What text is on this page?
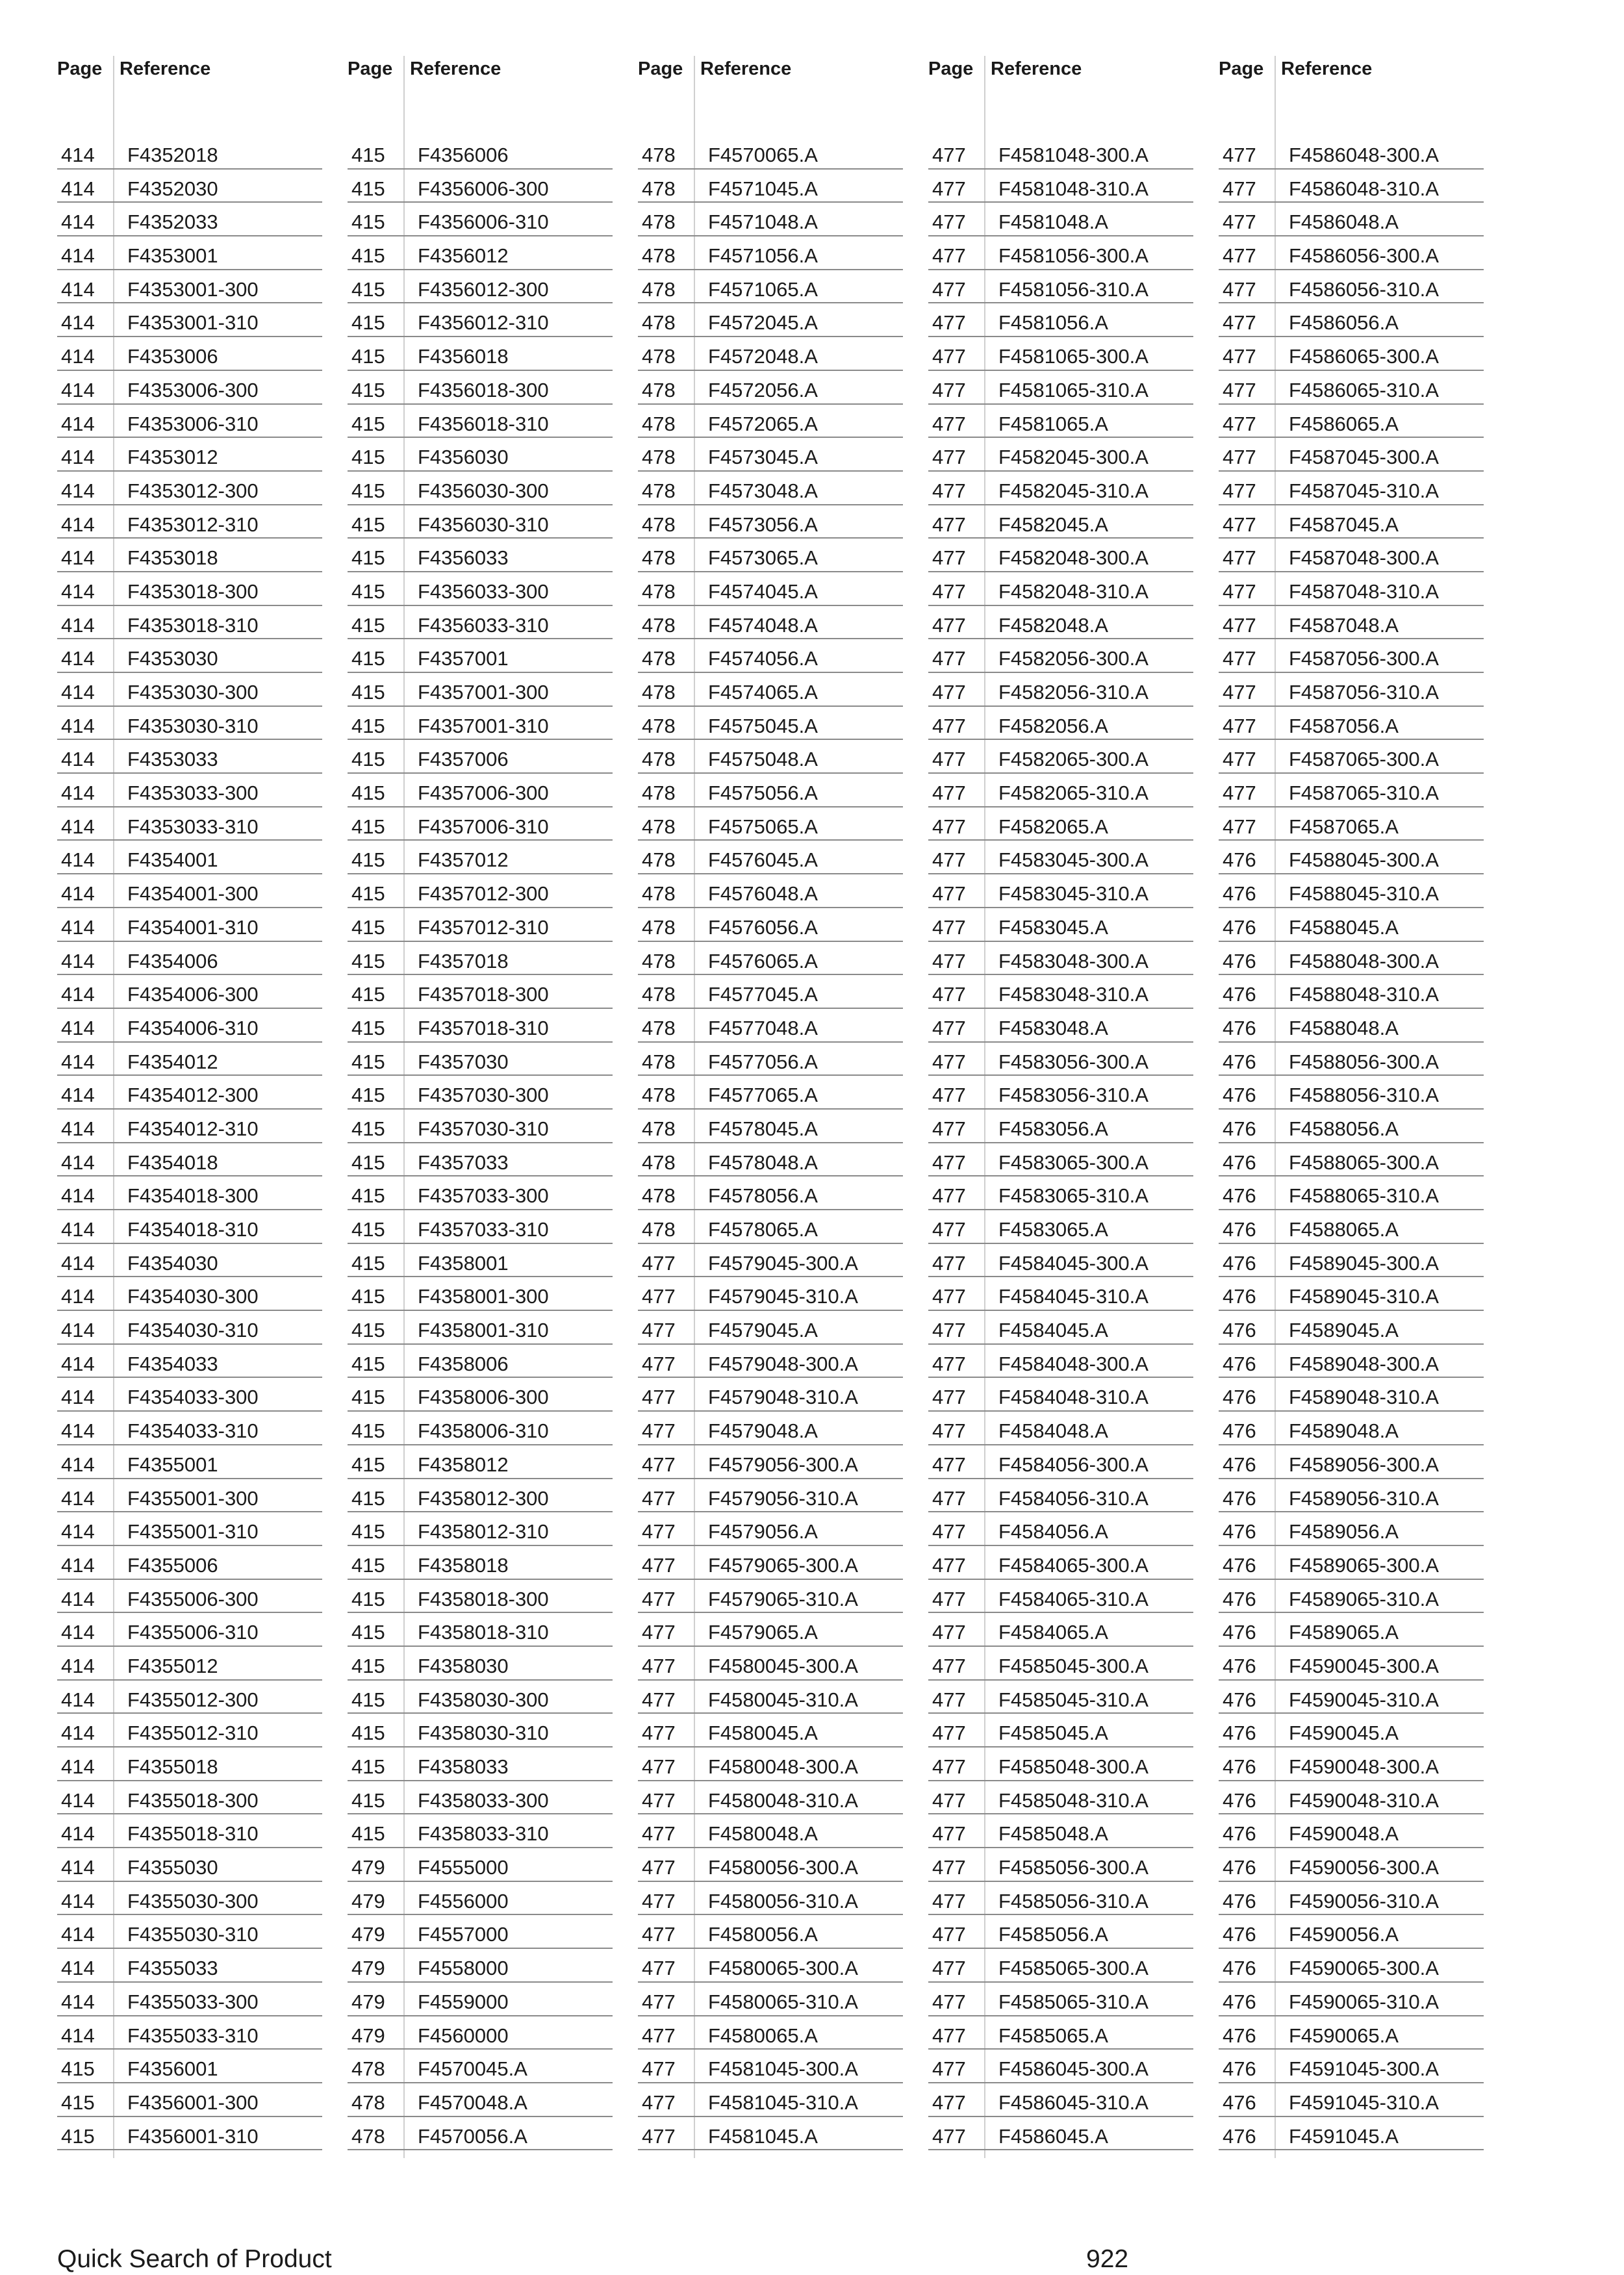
Page Reference
414 F4352018
414 F4352030
414 F4352033
414 F4353001
414 F4353001-300
414 F4353001-310
414 F4353006
414 F4353006-300
414 F4353006-310
414 F4353012
414 F4353012-300
414 F4353012-310
414 F4353018
414 F4353018-300
414 F4353018-310
414 F4353030
414 F4353030-300
414 F4353030-310
414 F4353033
414 F4353033-300
414 F4353033-310
414 F4354001
414 F4354001-300
414 F4354001-310
414 F4354006
414 F4354006-300
414 F4354006-310
414 F4354012
414 F4354012-300
414 F4354012-310
414 F4354018
414 F4354018-300
414 F4354018-310
414 F4354030
414 F4354030-300
414 F4354030-310
414 F4354033
414 F4354033-300
414 F4354033-310
414 F4355001
414 F4355001-300
414 F4355001-310
414 F4355006
414 F4355006-300
414 F4355006-310
414 F4355012
414 F4355012-300
414 F4355012-310
414 F4355018
414 F4355018-300
414 F4355018-310
414 F4355030
414 F4355030-300
414 F4355030-310
414 F4355033
414 F4355033-300
414 F4355033-310
415 F4356001
415 F4356001-300
415 F4356001-310
Page Reference
415 F4356006
415 F4356006-300
415 F4356006-310
415 F4356012
415 F4356012-300
415 F4356012-310
415 F4356018
415 F4356018-300
415 F4356018-310
415 F4356030
415 F4356030-300
415 F4356030-310
415 F4356033
415 F4356033-300
415 F4356033-310
415 F4357001
415 F4357001-300
415 F4357001-310
415 F4357006
415 F4357006-300
415 F4357006-310
415 F4357012
415 F4357012-300
415 F4357012-310
415 F4357018
415 F4357018-300
415 F4357018-310
415 F4357030
415 F4357030-300
415 F4357030-310
415 F4357033
415 F4357033-300
415 F4357033-310
415 F4358001
415 F4358001-300
415 F4358001-310
415 F4358006
415 F4358006-300
415 F4358006-310
415 F4358012
415 F4358012-300
415 F4358012-310
415 F4358018
415 F4358018-300
415 F4358018-310
415 F4358030
415 F4358030-300
415 F4358030-310
415 F4358033
415 F4358033-300
415 F4358033-310
479 F4555000
479 F4556000
479 F4557000
479 F4558000
479 F4559000
479 F4560000
478 F4570045.A
478 F4570048.A
478 F4570056.A
Page Reference
478 F4570065.A
478 F4571045.A
478 F4571048.A
478 F4571056.A
478 F4571065.A
478 F4572045.A
478 F4572048.A
478 F4572056.A
478 F4572065.A
478 F4573045.A
478 F4573048.A
478 F4573056.A
478 F4573065.A
478 F4574045.A
478 F4574048.A
478 F4574056.A
478 F4574065.A
478 F4575045.A
478 F4575048.A
478 F4575056.A
478 F4575065.A
478 F4576045.A
478 F4576048.A
478 F4576056.A
478 F4576065.A
478 F4577045.A
478 F4577048.A
478 F4577056.A
478 F4577065.A
478 F4578045.A
478 F4578048.A
478 F4578056.A
478 F4578065.A
477 F4579045-300.A
477 F4579045-310.A
477 F4579045.A
477 F4579048-300.A
477 F4579048-310.A
477 F4579048.A
477 F4579056-300.A
477 F4579056-310.A
477 F4579056.A
477 F4579065-300.A
477 F4579065-310.A
477 F4579065.A
477 F4580045-300.A
477 F4580045-310.A
477 F4580045.A
477 F4580048-300.A
477 F4580048-310.A
477 F4580048.A
477 F4580056-300.A
477 F4580056-310.A
477 F4580056.A
477 F4580065-300.A
477 F4580065-310.A
477 F4580065.A
477 F4581045-300.A
477 F4581045-310.A
477 F4581045.A
Page Reference
477 F4581048-300.A
477 F4581048-310.A
477 F4581048.A
477 F4581056-300.A
477 F4581056-310.A
477 F4581056.A
477 F4581065-300.A
477 F4581065-310.A
477 F4581065.A
477 F4582045-300.A
477 F4582045-310.A
477 F4582045.A
477 F4582048-300.A
477 F4582048-310.A
477 F4582048.A
477 F4582056-300.A
477 F4582056-310.A
477 F4582056.A
477 F4582065-300.A
477 F4582065-310.A
477 F4582065.A
477 F4583045-300.A
477 F4583045-310.A
477 F4583045.A
477 F4583048-300.A
477 F4583048-310.A
477 F4583048.A
477 F4583056-300.A
477 F4583056-310.A
477 F4583056.A
477 F4583065-300.A
477 F4583065-310.A
477 F4583065.A
477 F4584045-300.A
477 F4584045-310.A
477 F4584045.A
477 F4584048-300.A
477 F4584048-310.A
477 F4584048.A
477 F4584056-300.A
477 F4584056-310.A
477 F4584056.A
477 F4584065-300.A
477 F4584065-310.A
477 F4584065.A
477 F4585045-300.A
477 F4585045-310.A
477 F4585045.A
477 F4585048-300.A
477 F4585048-310.A
477 F4585048.A
477 F4585056-300.A
477 F4585056-310.A
477 F4585056.A
477 F4585065-300.A
477 F4585065-310.A
477 F4585065.A
477 F4586045-300.A
477 F4586045-310.A
477 F4586045.A
Page Reference
477 F4586048-300.A
477 F4586048-310.A
477 F4586048.A
477 F4586056-300.A
477 F4586056-310.A
477 F4586056.A
477 F4586065-300.A
477 F4586065-310.A
477 F4586065.A
477 F4587045-300.A
477 F4587045-310.A
477 F4587045.A
477 F4587048-300.A
477 F4587048-310.A
477 F4587048.A
477 F4587056-300.A
477 F4587056-310.A
477 F4587056.A
477 F4587065-300.A
477 F4587065-310.A
477 F4587065.A
476 F4588045-300.A
476 F4588045-310.A
476 F4588045.A
476 F4588048-300.A
476 F4588048-310.A
476 F4588048.A
476 F4588056-300.A
476 F4588056-310.A
476 F4588056.A
476 F4588065-300.A
476 F4588065-310.A
476 F4588065.A
476 F4589045-300.A
476 F4589045-310.A
476 F4589045.A
476 F4589048-300.A
476 F4589048-310.A
476 F4589048.A
476 F4589056-300.A
476 F4589056-310.A
476 F4589056.A
476 F4589065-300.A
476 F4589065-310.A
476 F4589065.A
476 F4590045-300.A
476 F4590045-310.A
476 F4590045.A
476 F4590048-300.A
476 F4590048-310.A
476 F4590048.A
476 F4590056-300.A
476 F4590056-310.A
476 F4590056.A
476 F4590065-300.A
476 F4590065-310.A
476 F4590065.A
476 F4591045-300.A
476 F4591045-310.A
476 F4591045.A
Quick Search of Product	922
